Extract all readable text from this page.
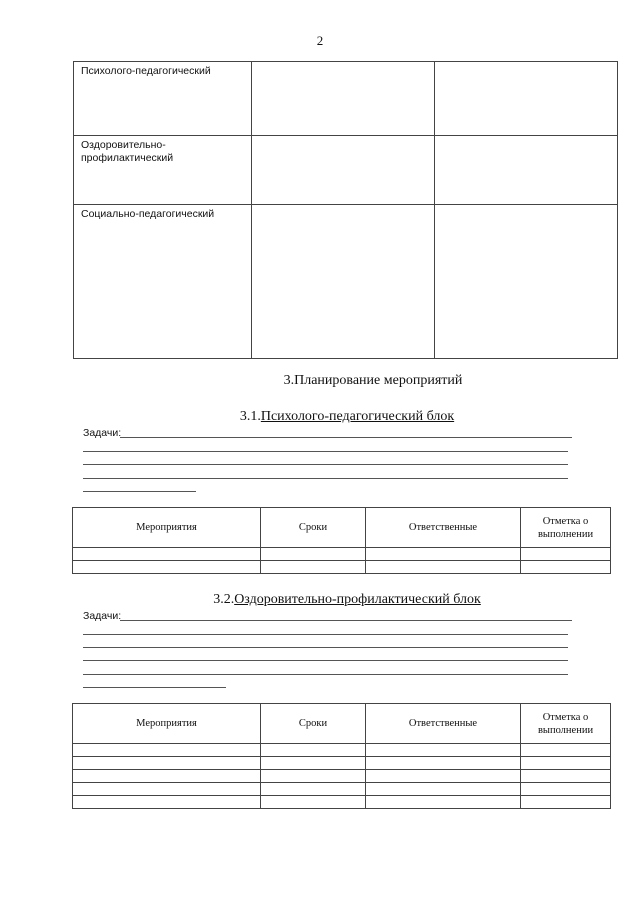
2
Психолого-педагогический		

Оздоровительно-профилактический		

Социально-педагогический		

3.Планирование мероприятий
3.1.Психолого-педагогический блок
Задачи:
Мероприятия	Сроки	Ответственные	Отметка о выполнении

3.2.Оздоровительно-профилактический блок
Задачи:
Мероприятия	Сроки	Ответственные	Отметка о выполнении
